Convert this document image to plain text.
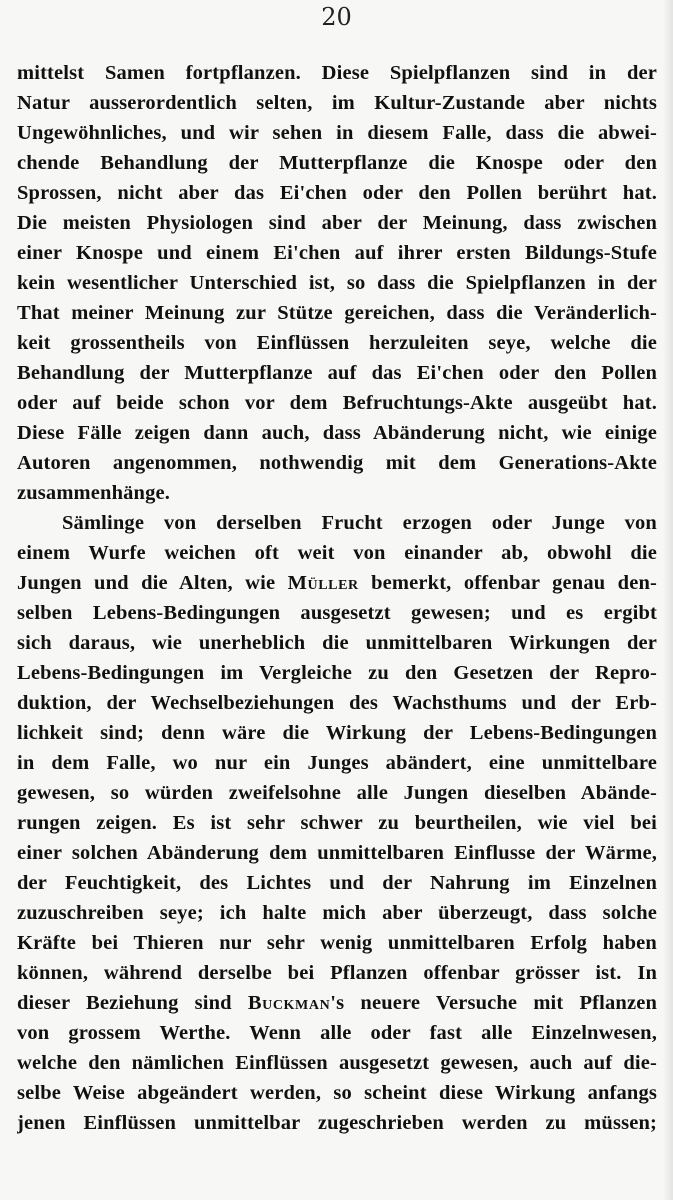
20
mittelst Samen fortpflanzen. Diese Spielpflanzen sind in der
Natur ausserordentlich selten, im Kultur-Zustande aber nichts
Ungewöhnliches, und wir sehen in diesem Falle, dass die abwei-
chende Behandlung der Mutterpflanze die Knospe oder den
Sprossen, nicht aber das Ei'chen oder den Pollen berührt hat.
Die meisten Physiologen sind aber der Meinung, dass zwischen
einer Knospe und einem Ei'chen auf ihrer ersten Bildungs-Stufe
kein wesentlicher Unterschied ist, so dass die Spielpflanzen in der
That meiner Meinung zur Stütze gereichen, dass die Veränderlich-
keit grossentheils von Einflüssen herzuleiten seye, welche die
Behandlung der Mutterpflanze auf das Ei'chen oder den Pollen
oder auf beide schon vor dem Befruchtungs-Akte ausgeübt hat.
Diese Fälle zeigen dann auch, dass Abänderung nicht, wie einige
Autoren angenommen, nothwendig mit dem Generations-Akte
zusammenhänge.
Sämlinge von derselben Frucht erzogen oder Junge von
einem Wurfe weichen oft weit von einander ab, obwohl die
Jungen und die Alten, wie Müller bemerkt, offenbar genau den-
selben Lebens-Bedingungen ausgesetzt gewesen; und es ergibt
sich daraus, wie unerheblich die unmittelbaren Wirkungen der
Lebens-Bedingungen im Vergleiche zu den Gesetzen der Repro-
duktion, der Wechselbeziehungen des Wachsthums und der Erb-
lichkeit sind; denn wäre die Wirkung der Lebens-Bedingungen
in dem Falle, wo nur ein Junges abändert, eine unmittelbare
gewesen, so würden zweifelsohne alle Jungen dieselben Abände-
rungen zeigen. Es ist sehr schwer zu beurtheilen, wie viel bei
einer solchen Abänderung dem unmittelbaren Einflusse der Wärme,
der Feuchtigkeit, des Lichtes und der Nahrung im Einzelnen
zuzuschreiben seye; ich halte mich aber überzeugt, dass solche
Kräfte bei Thieren nur sehr wenig unmittelbaren Erfolg haben
können, während derselbe bei Pflanzen offenbar grösser ist. In
dieser Beziehung sind Buckman's neuere Versuche mit Pflanzen
von grossem Werthe. Wenn alle oder fast alle Einzelnwesen,
welche den nämlichen Einflüssen ausgesetzt gewesen, auch auf die-
selbe Weise abgeändert werden, so scheint diese Wirkung anfangs
jenen Einflüssen unmittelbar zugeschrieben werden zu müssen;
